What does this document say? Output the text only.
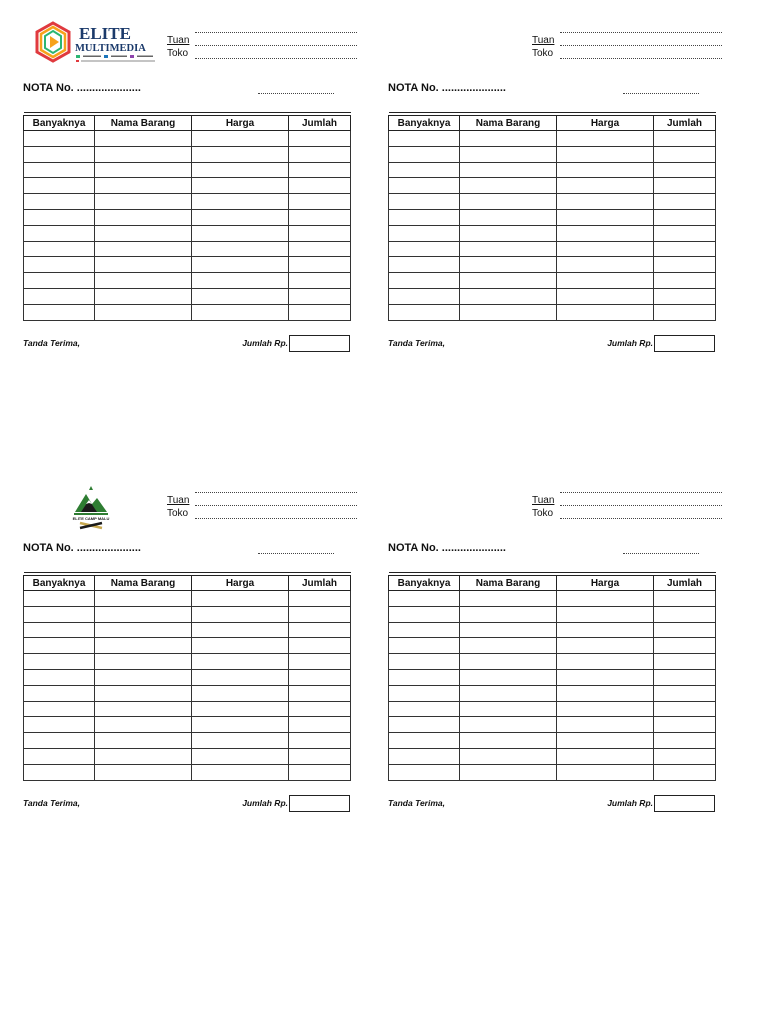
ELITE
MULTIMEDIA
Tuan
Toko
NOTA No. .....................

Banyaknya	Nama Barang	Harga	Jumlah

Tanda Terima,	Jumlah Rp.
Tuan
Toko
NOTA No. .....................

Banyaknya	Nama Barang	Harga	Jumlah

Tanda Terima,	Jumlah Rp.
ELITE CAMP MALU
Tuan
Toko
NOTA No. .....................

Banyaknya	Nama Barang	Harga	Jumlah

Tanda Terima,	Jumlah Rp.
Tuan
Toko
NOTA No. .....................

Banyaknya	Nama Barang	Harga	Jumlah

Tanda Terima,	Jumlah Rp.
